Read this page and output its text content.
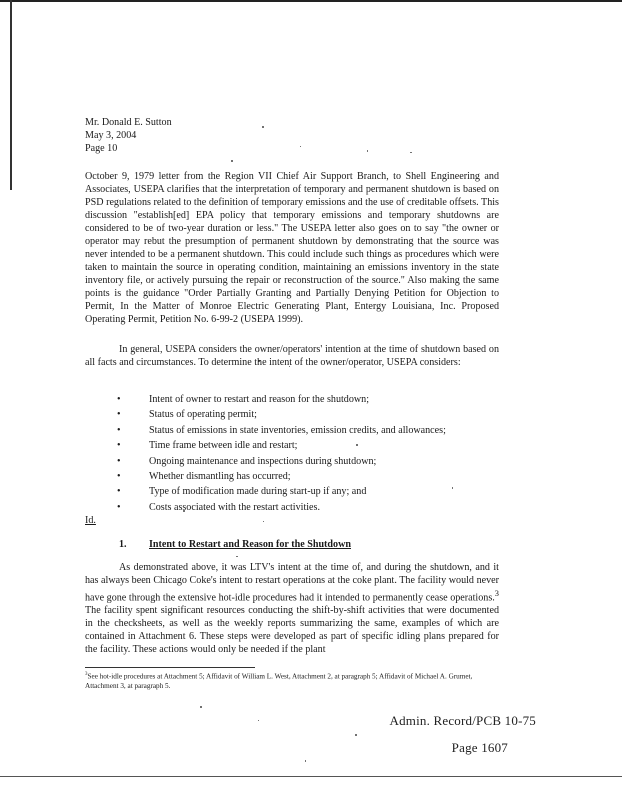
Mr. Donald E. Sutton
May 3, 2004
Page 10

October 9, 1979 letter from the Region VII Chief Air Support Branch, to Shell Engineering and Associates, USEPA clarifies that the interpretation of temporary and permanent shutdown is based on PSD regulations related to the definition of temporary emissions and the use of creditable offsets. This discussion "establish[ed] EPA policy that temporary emissions and temporary shutdowns are considered to be of two-year duration or less." The USEPA letter also goes on to say "the owner or operator may rebut the presumption of permanent shutdown by demonstrating that the source was never intended to be a permanent shutdown. This could include such things as procedures which were taken to maintain the source in operating condition, maintaining an emissions inventory in the state inventory file, or actively pursuing the repair or reconstruction of the source." Also making the same points is the guidance "Order Partially Granting and Partially Denying Petition for Objection to Permit, In the Matter of Monroe Electric Generating Plant, Entergy Louisiana, Inc. Proposed Operating Permit, Petition No. 6-99-2 (USEPA 1999).

In general, USEPA considers the owner/operators' intention at the time of shutdown based on all facts and circumstances. To determine the intent of the owner/operator, USEPA considers:

•	Intent of owner to restart and reason for the shutdown;
•	Status of operating permit;
•	Status of emissions in state inventories, emission credits, and allowances;
•	Time frame between idle and restart;
•	Ongoing maintenance and inspections during shutdown;
•	Whether dismantling has occurred;
•	Type of modification made during start-up if any; and
•	Costs associated with the restart activities.
Id.
1. Intent to Restart and Reason for the Shutdown

As demonstrated above, it was LTV's intent at the time of, and during the shutdown, and it has always been Chicago Coke's intent to restart operations at the coke plant. The facility would never have gone through the extensive hot-idle procedures had it intended to permanently cease operations.$^3$ The facility spent significant resources conducting the shift-by-shift activities that were documented in the checksheets, as well as the weekly reports summarizing the same, examples of which are contained in Attachment 6. These steps were developed as part of specific idling plans prepared for the facility. These actions would only be needed if the plant

$^3$See hot-idle procedures at Attachment 5; Affidavit of William L. West, Attachment 2, at paragraph 5; Affidavit of Michael A. Grumet, Attachment 3, at paragraph 5.
Admin. Record/PCB 10-75
Page 1607
